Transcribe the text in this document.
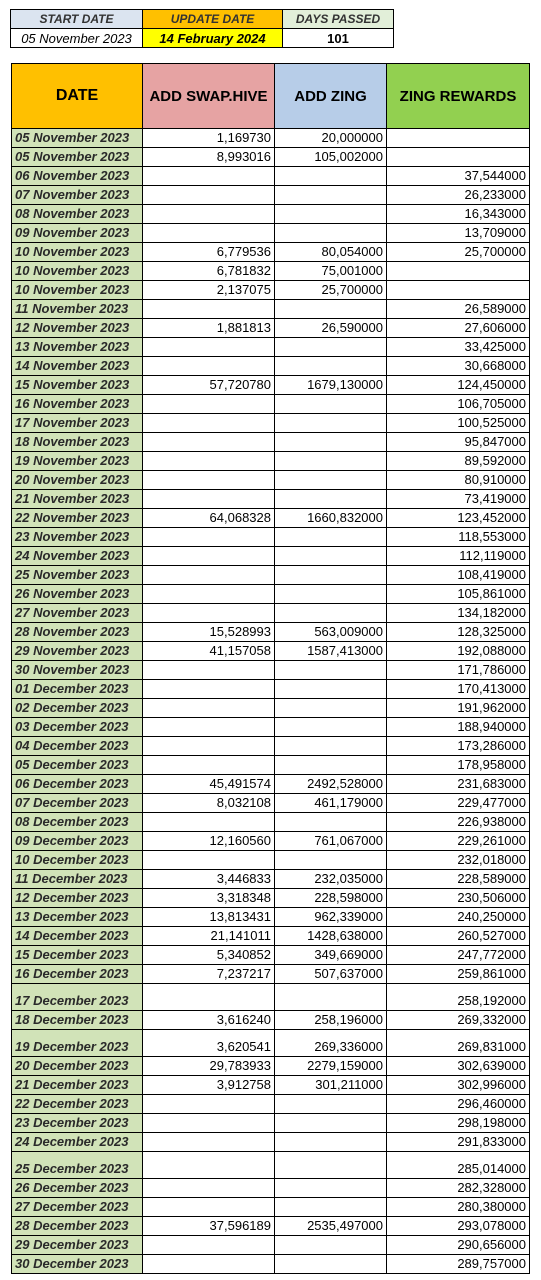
START DATE	UPDATE DATE	DAYS PASSED
05 November 2023	14 February 2024	101
DATE	ADD SWAP.HIVE	ADD ZING	ZING REWARDS
05 November 2023	1,169730	20,000000	
05 November 2023	8,993016	105,002000	
06 November 2023			37,544000
07 November 2023			26,233000
08 November 2023			16,343000
09 November 2023			13,709000
10 November 2023	6,779536	80,054000	25,700000
10 November 2023	6,781832	75,001000	
10 November 2023	2,137075	25,700000	
11 November 2023			26,589000
12 November 2023	1,881813	26,590000	27,606000
13 November 2023			33,425000
14 November 2023			30,668000
15 November 2023	57,720780	1679,130000	124,450000
16 November 2023			106,705000
17 November 2023			100,525000
18 November 2023			95,847000
19 November 2023			89,592000
20 November 2023			80,910000
21 November 2023			73,419000
22 November 2023	64,068328	1660,832000	123,452000
23 November 2023			118,553000
24 November 2023			112,119000
25 November 2023			108,419000
26 November 2023			105,861000
27 November 2023			134,182000
28 November 2023	15,528993	563,009000	128,325000
29 November 2023	41,157058	1587,413000	192,088000
30 November 2023			171,786000
01 December 2023			170,413000
02 December 2023			191,962000
03 December 2023			188,940000
04 December 2023			173,286000
05 December 2023			178,958000
06 December 2023	45,491574	2492,528000	231,683000
07 December 2023	8,032108	461,179000	229,477000
08 December 2023			226,938000
09 December 2023	12,160560	761,067000	229,261000
10 December 2023			232,018000
11 December 2023	3,446833	232,035000	228,589000
12 December 2023	3,318348	228,598000	230,506000
13 December 2023	13,813431	962,339000	240,250000
14 December 2023	21,141011	1428,638000	260,527000
15 December 2023	5,340852	349,669000	247,772000
16 December 2023	7,237217	507,637000	259,861000
17 December 2023			258,192000
18 December 2023	3,616240	258,196000	269,332000
19 December 2023	3,620541	269,336000	269,831000
20 December 2023	29,783933	2279,159000	302,639000
21 December 2023	3,912758	301,211000	302,996000
22 December 2023			296,460000
23 December 2023			298,198000
24 December 2023			291,833000
25 December 2023			285,014000
26 December 2023			282,328000
27 December 2023			280,380000
28 December 2023	37,596189	2535,497000	293,078000
29 December 2023			290,656000
30 December 2023			289,757000
